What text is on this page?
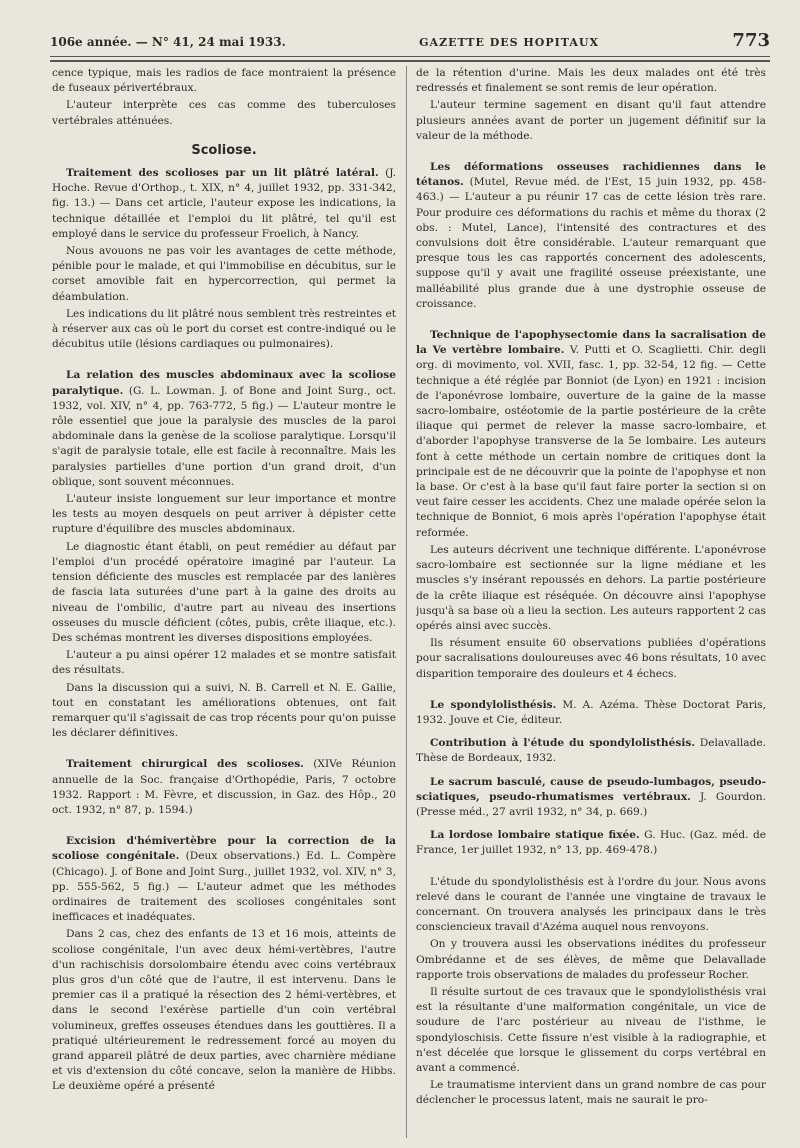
106e année. — N° 41, 24 mai 1933.	GAZETTE DES HOPITAUX	773

cence typique, mais les radios de face montraient la présence de fuseaux périvertébraux.

L'auteur interprète ces cas comme des tuberculoses vertébrales atténuées.

Scoliose.

Traitement des scolioses par un lit plâtré latéral. (J. Hoche. Revue d'Orthop., t. XIX, n° 4, juillet 1932, pp. 331-342, fig. 13.) — Dans cet article, l'auteur expose les indications, la technique détaillée et l'emploi du lit plâtré, tel qu'il est employé dans le service du professeur Froelich, à Nancy.

Nous avouons ne pas voir les avantages de cette méthode, pénible pour le malade, et qui l'immobilise en décubitus, sur le corset amovible fait en hypercorrection, qui permet la déambulation.

Les indications du lit plâtré nous semblent très restreintes et à réserver aux cas où le port du corset est contre-indiqué ou le décubitus utile (lésions cardiaques ou pulmonaires).

La relation des muscles abdominaux avec la scoliose paralytique. (G. L. Lowman. J. of Bone and Joint Surg., oct. 1932, vol. XIV, n° 4, pp. 763-772, 5 fig.) — L'auteur montre le rôle essentiel que joue la paralysie des muscles de la paroi abdominale dans la genèse de la scoliose paralytique. Lorsqu'il s'agit de paralysie totale, elle est facile à reconnaître. Mais les paralysies partielles d'une portion d'un grand droit, d'un oblique, sont souvent méconnues.

L'auteur insiste longuement sur leur importance et montre les tests au moyen desquels on peut arriver à dépister cette rupture d'équilibre des muscles abdominaux.

Le diagnostic étant établi, on peut remédier au défaut par l'emploi d'un procédé opératoire imaginé par l'auteur. La tension déficiente des muscles est remplacée par des lanières de fascia lata suturées d'une part à la gaine des droits au niveau de l'ombilic, d'autre part au niveau des insertions osseuses du muscle déficient (côtes, pubis, crête iliaque, etc.). Des schémas montrent les diverses dispositions employées.

L'auteur a pu ainsi opérer 12 malades et se montre satisfait des résultats.

Dans la discussion qui a suivi, N. B. Carrell et N. E. Gallie, tout en constatant les améliorations obtenues, ont fait remarquer qu'il s'agissait de cas trop récents pour qu'on puisse les déclarer définitives.

Traitement chirurgical des scolioses. (XIVe Réunion annuelle de la Soc. française d'Orthopédie, Paris, 7 octobre 1932. Rapport : M. Fèvre, et discussion, in Gaz. des Hôp., 20 oct. 1932, n° 87, p. 1594.)

Excision d'hémivertèbre pour la correction de la scoliose congénitale. (Deux observations.) Ed. L. Compère (Chicago). J. of Bone and Joint Surg., juillet 1932, vol. XIV, n° 3, pp. 555-562, 5 fig.) — L'auteur admet que les méthodes ordinaires de traitement des scolioses congénitales sont inefficaces et inadéquates.

Dans 2 cas, chez des enfants de 13 et 16 mois, atteints de scoliose congénitale, l'un avec deux hémi-vertèbres, l'autre d'un rachischisis dorsolombaire étendu avec coins vertébraux plus gros d'un côté que de l'autre, il est intervenu. Dans le premier cas il a pratiqué la résection des 2 hémi-vertèbres, et dans le second l'exérèse partielle d'un coin vertébral volumineux, greffes osseuses étendues dans les gouttières. Il a pratiqué ultérieurement le redressement forcé au moyen du grand appareil plâtré de deux parties, avec charnière médiane et vis d'extension du côté concave, selon la manière de Hibbs. Le deuxième opéré a présenté

de la rétention d'urine. Mais les deux malades ont été très redressés et finalement se sont remis de leur opération.

L'auteur termine sagement en disant qu'il faut attendre plusieurs années avant de porter un jugement définitif sur la valeur de la méthode.

Les déformations osseuses rachidiennes dans le tétanos. (Mutel, Revue méd. de l'Est, 15 juin 1932, pp. 458-463.) — L'auteur a pu réunir 17 cas de cette lésion très rare. Pour produire ces déformations du rachis et même du thorax (2 obs. : Mutel, Lance), l'intensité des contractures et des convulsions doit être considérable. L'auteur remarquant que presque tous les cas rapportés concernent des adolescents, suppose qu'il y avait une fragilité osseuse préexistante, une malléabilité plus grande due à une dystrophie osseuse de croissance.

Technique de l'apophysectomie dans la sacralisation de la Ve vertèbre lombaire. V. Putti et O. Scaglietti. Chir. degli org. di movimento, vol. XVII, fasc. 1, pp. 32-54, 12 fig. — Cette technique a été réglée par Bonniot (de Lyon) en 1921 : incision de l'aponévrose lombaire, ouverture de la gaine de la masse sacro-lombaire, ostéotomie de la partie postérieure de la crête iliaque qui permet de relever la masse sacro-lombaire, et d'aborder l'apophyse transverse de la 5e lombaire. Les auteurs font à cette méthode un certain nombre de critiques dont la principale est de ne découvrir que la pointe de l'apophyse et non la base. Or c'est à la base qu'il faut faire porter la section si on veut faire cesser les accidents. Chez une malade opérée selon la technique de Bonniot, 6 mois après l'opération l'apophyse était reformée.

Les auteurs décrivent une technique différente. L'aponévrose sacro-lombaire est sectionnée sur la ligne médiane et les muscles s'y insérant repoussés en dehors. La partie postérieure de la crête iliaque est réséquée. On découvre ainsi l'apophyse jusqu'à sa base où a lieu la section. Les auteurs rapportent 2 cas opérés ainsi avec succès.

Ils résument ensuite 60 observations publiées d'opérations pour sacralisations douloureuses avec 46 bons résultats, 10 avec disparition temporaire des douleurs et 4 échecs.

Le spondylolisthésis. M. A. Azéma. Thèse Doctorat Paris, 1932. Jouve et Cie, éditeur.

Contribution à l'étude du spondylolisthésis. Delavallade. Thèse de Bordeaux, 1932.

Le sacrum basculé, cause de pseudo-lumbagos, pseudo-sciatiques, pseudo-rhumatismes vertébraux. J. Gourdon. (Presse méd., 27 avril 1932, n° 34, p. 669.)

La lordose lombaire statique fixée. G. Huc. (Gaz. méd. de France, 1er juillet 1932, n° 13, pp. 469-478.)

L'étude du spondylolisthésis est à l'ordre du jour. Nous avons relevé dans le courant de l'année une vingtaine de travaux le concernant. On trouvera analysés les principaux dans le très consciencieux travail d'Azéma auquel nous renvoyons.

On y trouvera aussi les observations inédites du professeur Ombrédanne et de ses élèves, de même que Delavallade rapporte trois observations de malades du professeur Rocher.

Il résulte surtout de ces travaux que le spondylolisthésis vrai est la résultante d'une malformation congénitale, un vice de soudure de l'arc postérieur au niveau de l'isthme, le spondyloschisis. Cette fissure n'est visible à la radiographie, et n'est décelée que lorsque le glissement du corps vertébral en avant a commencé.

Le traumatisme intervient dans un grand nombre de cas pour déclencher le processus latent, mais ne saurait le pro-
